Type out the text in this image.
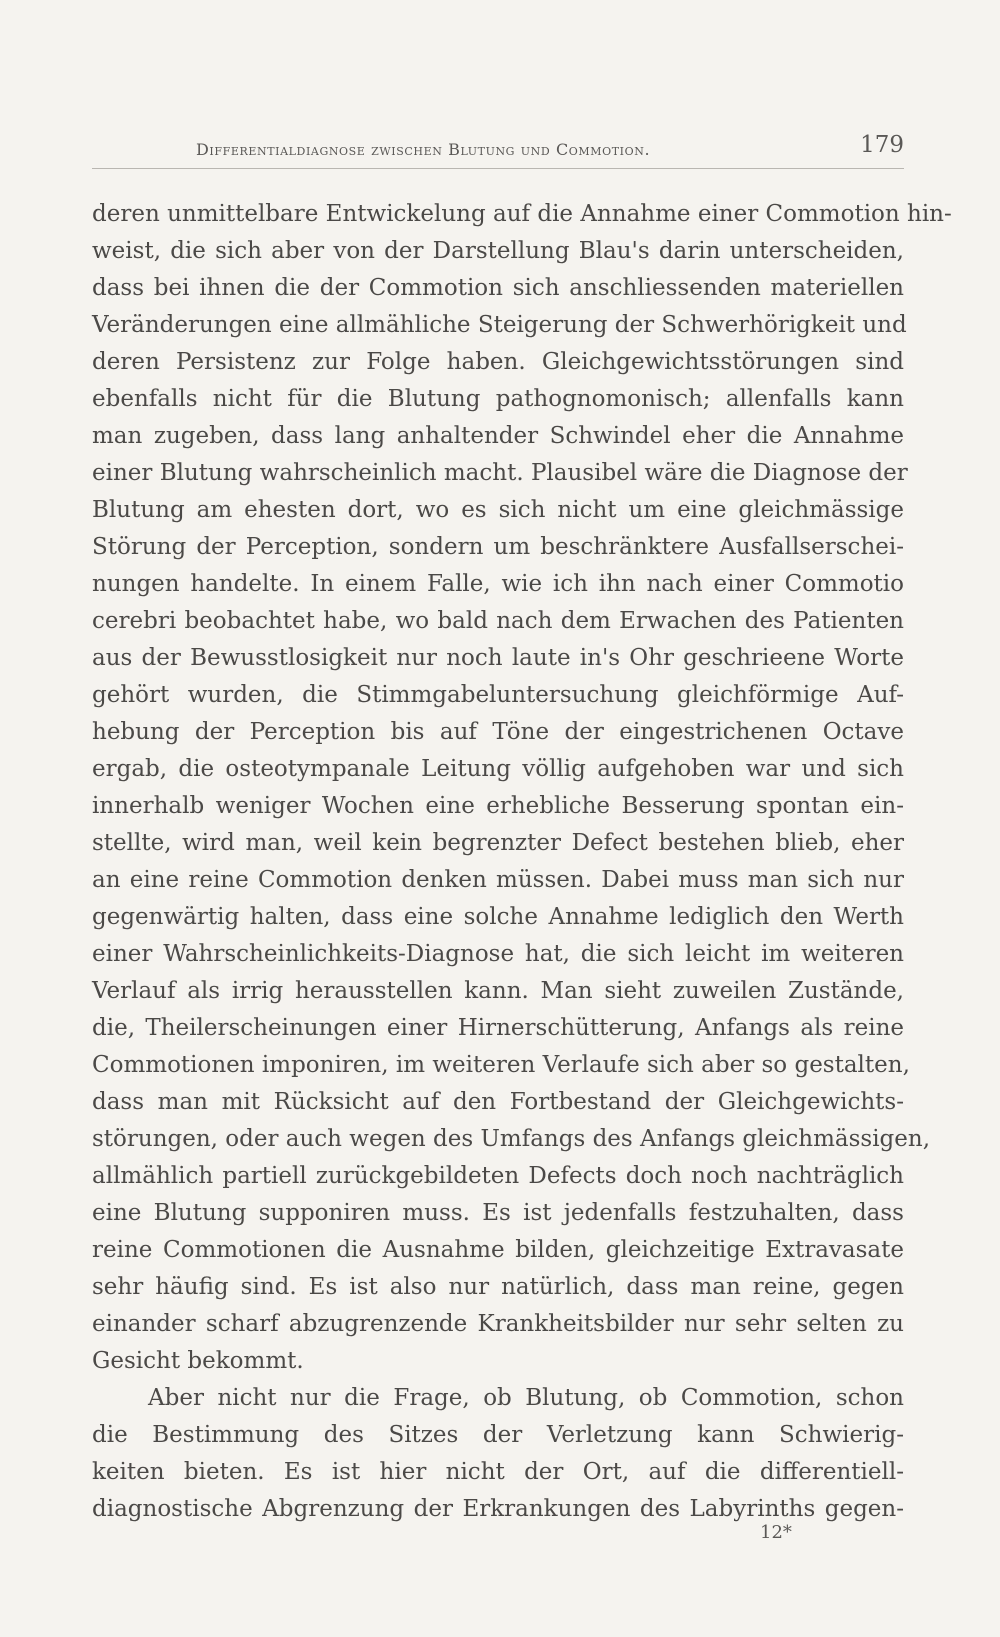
Differentialdiagnose zwischen Blutung und Commotion.	179
deren unmittelbare Entwickelung auf die Annahme einer Commotion hin-
weist, die sich aber von der Darstellung Blau's darin unterscheiden,
dass bei ihnen die der Commotion sich anschliessenden materiellen
Veränderungen eine allmähliche Steigerung der Schwerhörigkeit und
deren Persistenz zur Folge haben. Gleichgewichtsstörungen sind
ebenfalls nicht für die Blutung pathognomonisch; allenfalls kann
man zugeben, dass lang anhaltender Schwindel eher die Annahme
einer Blutung wahrscheinlich macht. Plausibel wäre die Diagnose der
Blutung am ehesten dort, wo es sich nicht um eine gleichmässige
Störung der Perception, sondern um beschränktere Ausfallserschei-
nungen handelte. In einem Falle, wie ich ihn nach einer Commotio
cerebri beobachtet habe, wo bald nach dem Erwachen des Patienten
aus der Bewusstlosigkeit nur noch laute in's Ohr geschrieene Worte
gehört wurden, die Stimmgabeluntersuchung gleichförmige Auf-
hebung der Perception bis auf Töne der eingestrichenen Octave
ergab, die osteotympanale Leitung völlig aufgehoben war und sich
innerhalb weniger Wochen eine erhebliche Besserung spontan ein-
stellte, wird man, weil kein begrenzter Defect bestehen blieb, eher
an eine reine Commotion denken müssen. Dabei muss man sich nur
gegenwärtig halten, dass eine solche Annahme lediglich den Werth
einer Wahrscheinlichkeits-Diagnose hat, die sich leicht im weiteren
Verlauf als irrig herausstellen kann. Man sieht zuweilen Zustände,
die, Theilerscheinungen einer Hirnerschütterung, Anfangs als reine
Commotionen imponiren, im weiteren Verlaufe sich aber so gestalten,
dass man mit Rücksicht auf den Fortbestand der Gleichgewichts-
störungen, oder auch wegen des Umfangs des Anfangs gleichmässigen,
allmählich partiell zurückgebildeten Defects doch noch nachträglich
eine Blutung supponiren muss. Es ist jedenfalls festzuhalten, dass
reine Commotionen die Ausnahme bilden, gleichzeitige Extravasate
sehr häufig sind. Es ist also nur natürlich, dass man reine, gegen
einander scharf abzugrenzende Krankheitsbilder nur sehr selten zu
Gesicht bekommt.
Aber nicht nur die Frage, ob Blutung, ob Commotion, schon
die Bestimmung des Sitzes der Verletzung kann Schwierig-
keiten bieten. Es ist hier nicht der Ort, auf die differentiell-
diagnostische Abgrenzung der Erkrankungen des Labyrinths gegen-
12*
